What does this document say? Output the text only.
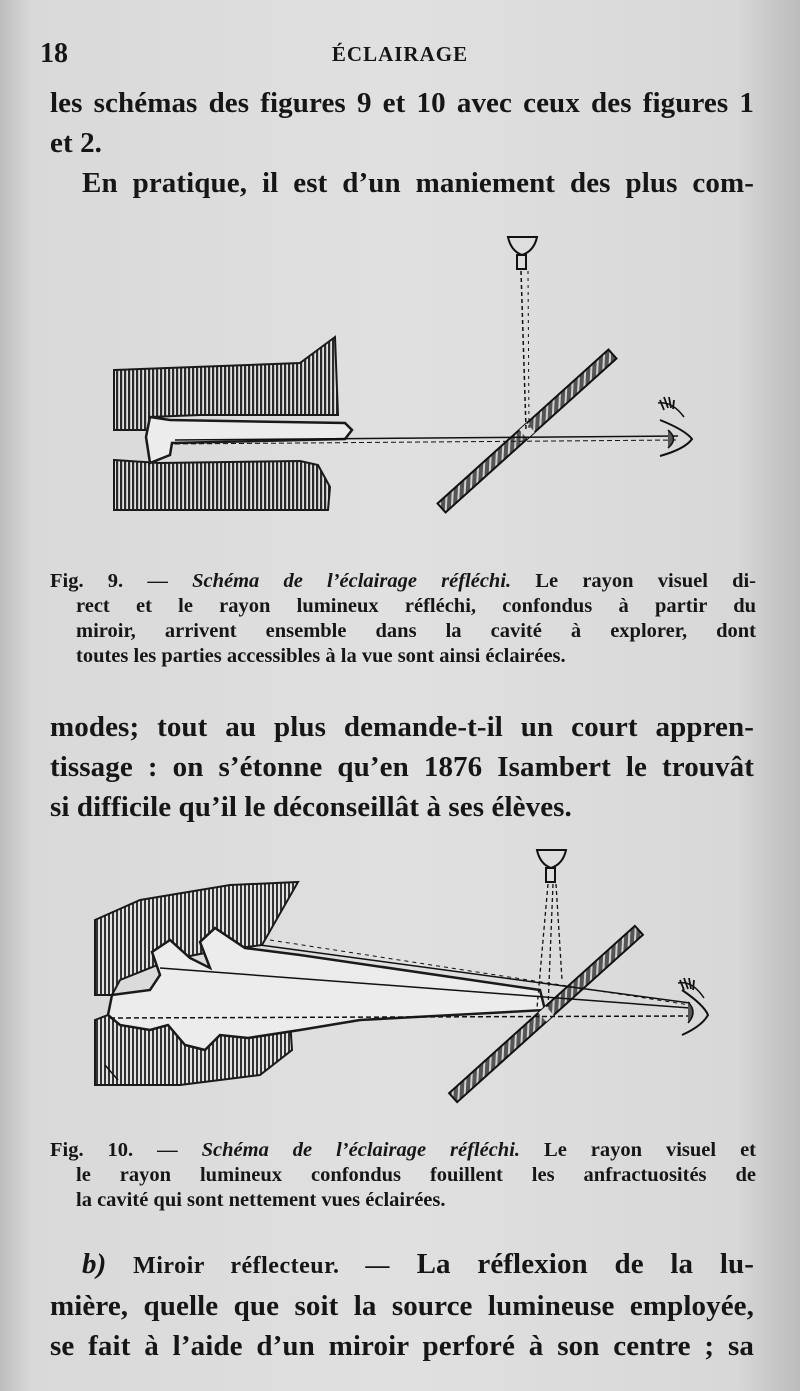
18	ÉCLAIRAGE
les schémas des figures 9 et 10 avec ceux des figures 1
et 2.
En pratique, il est d’un maniement des plus com-
Fig. 9. — Schéma de l’éclairage réfléchi. Le rayon visuel di-
rect et le rayon lumineux réfléchi, confondus à partir du
miroir, arrivent ensemble dans la cavité à explorer, dont
toutes les parties accessibles à la vue sont ainsi éclairées.
modes; tout au plus demande-t-il un court appren-
tissage : on s’étonne qu’en 1876 Isambert le trouvât
si difficile qu’il le déconseillât à ses élèves.
Fig. 10. — Schéma de l’éclairage réfléchi. Le rayon visuel et
le rayon lumineux confondus fouillent les anfractuosités de
la cavité qui sont nettement vues éclairées.
b) Miroir réflecteur. — La réflexion de la lu-
mière, quelle que soit la source lumineuse employée,
se fait à l’aide d’un miroir perforé à son centre ; sa
